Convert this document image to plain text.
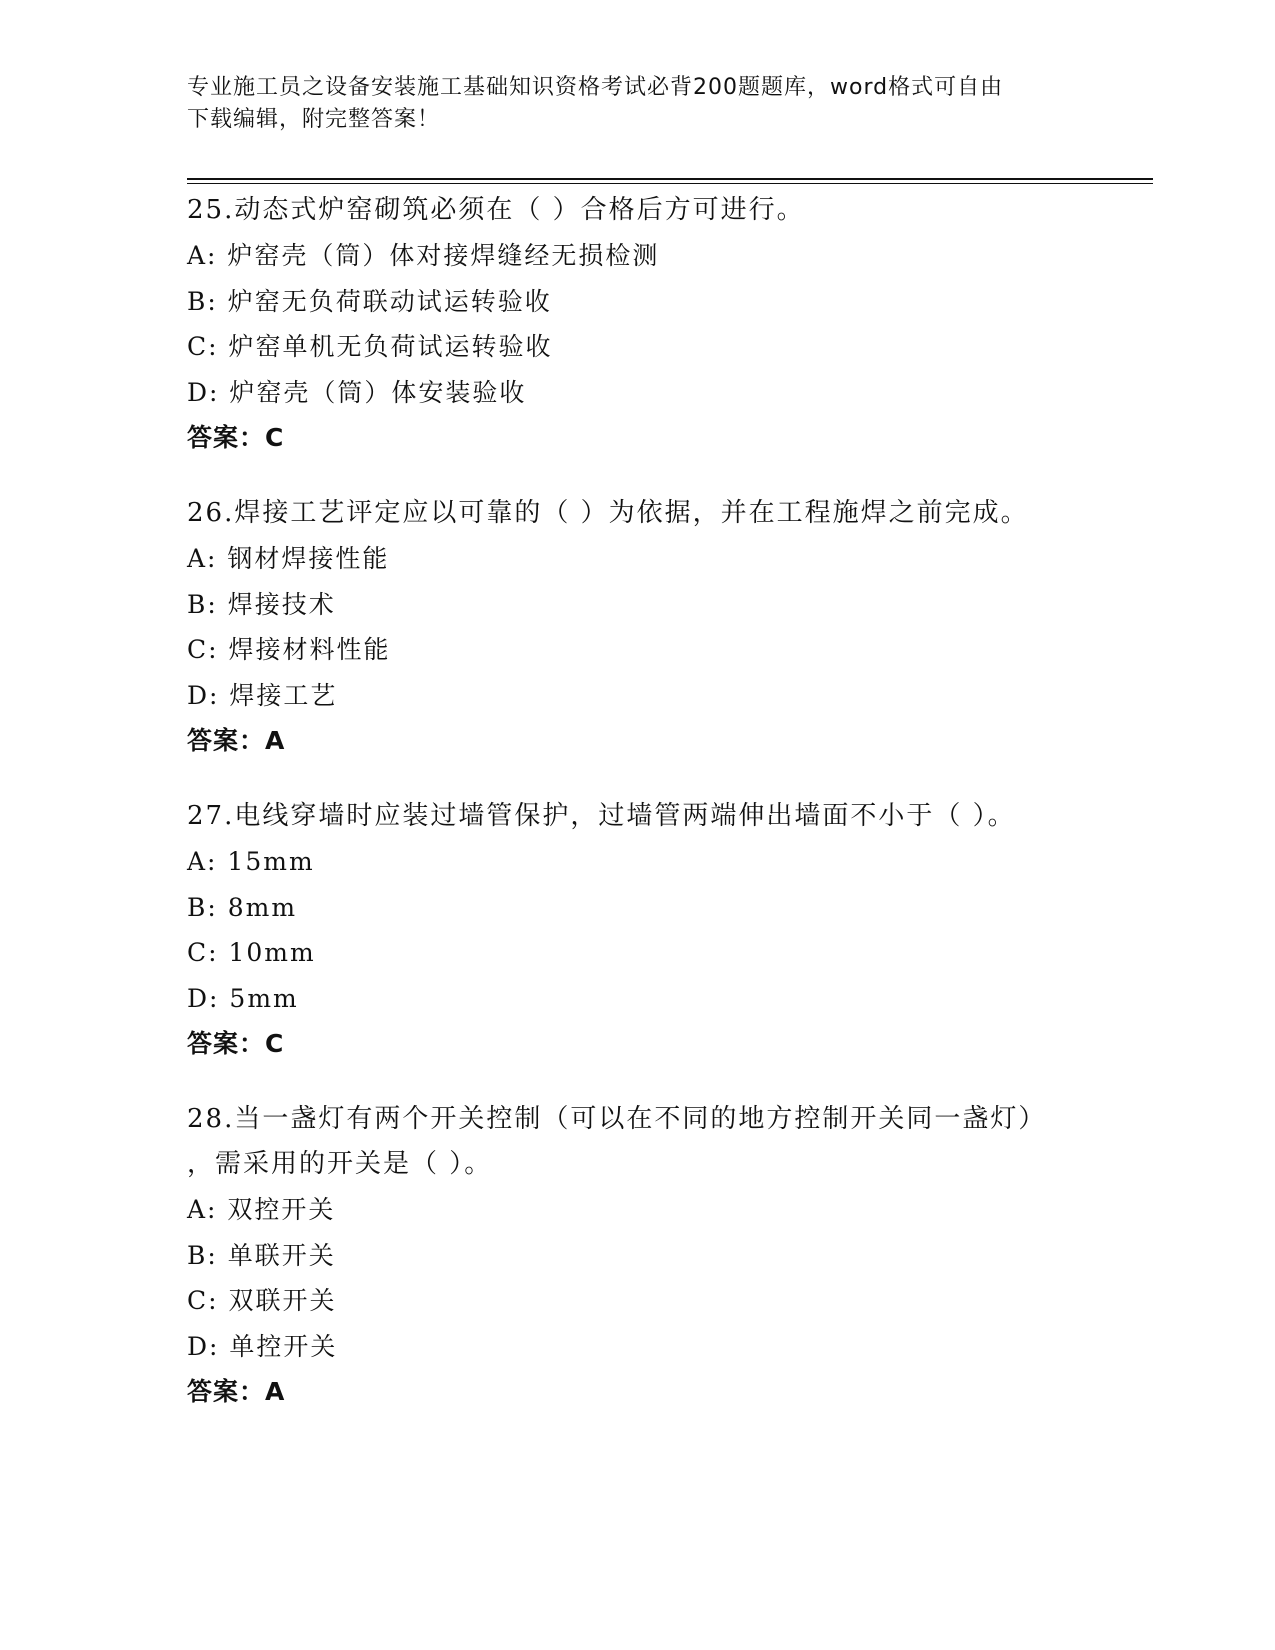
专业施工员之设备安装施工基础知识资格考试必背200题题库，word格式可自由
下载编辑，附完整答案！
25.动态式炉窑砌筑必须在（ ）合格后方可进行。
A: 炉窑壳（筒）体对接焊缝经无损检测
B: 炉窑无负荷联动试运转验收
C: 炉窑单机无负荷试运转验收
D: 炉窑壳（筒）体安装验收
答案：C
26.焊接工艺评定应以可靠的（ ）为依据，并在工程施焊之前完成。
A: 钢材焊接性能
B: 焊接技术
C: 焊接材料性能
D: 焊接工艺
答案：A
27.电线穿墙时应装过墙管保护，过墙管两端伸出墙面不小于（ ）。
A: 15mm
B: 8mm
C: 10mm
D: 5mm
答案：C
28.当一盏灯有两个开关控制（可以在不同的地方控制开关同一盏灯）
，需采用的开关是（ ）。
A: 双控开关
B: 单联开关
C: 双联开关
D: 单控开关
答案：A
